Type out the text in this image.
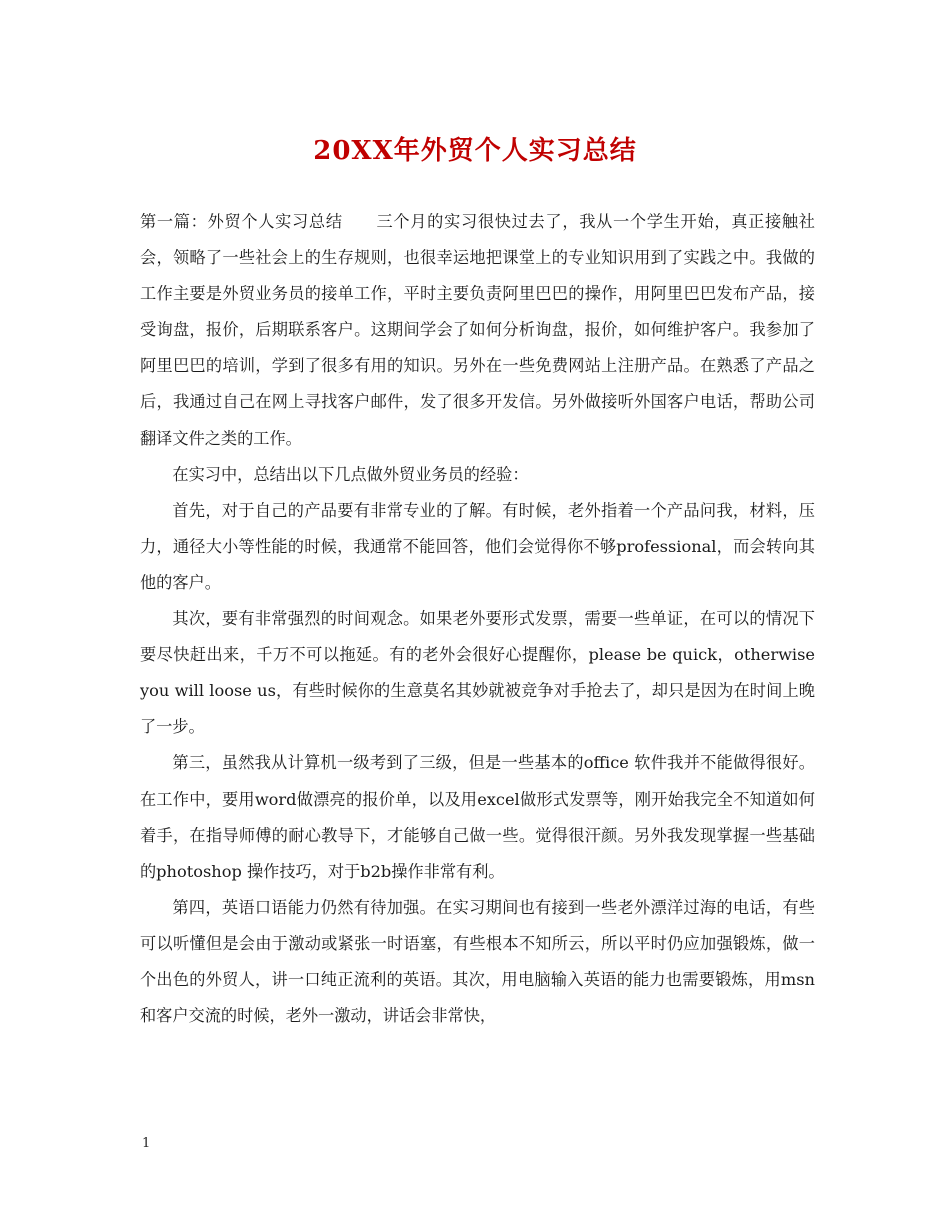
20XX年外贸个人实习总结

第一篇：外贸个人实习总结　　三个月的实习很快过去了，我从一个学生开始，真正接触社会，领略了一些社会上的生存规则，也很幸运地把课堂上的专业知识用到了实践之中。我做的工作主要是外贸业务员的接单工作，平时主要负责阿里巴巴的操作，用阿里巴巴发布产品，接受询盘，报价，后期联系客户。这期间学会了如何分析询盘，报价，如何维护客户。我参加了阿里巴巴的培训，学到了很多有用的知识。另外在一些免费网站上注册产品。在熟悉了产品之后，我通过自己在网上寻找客户邮件，发了很多开发信。另外做接听外国客户电话，帮助公司翻译文件之类的工作。

在实习中，总结出以下几点做外贸业务员的经验：

首先，对于自己的产品要有非常专业的了解。有时候，老外指着一个产品问我，材料，压力，通径大小等性能的时候，我通常不能回答，他们会觉得你不够professional，而会转向其他的客户。

其次，要有非常强烈的时间观念。如果老外要形式发票，需要一些单证，在可以的情况下要尽快赶出来，千万不可以拖延。有的老外会很好心提醒你，please be quick，otherwise you will loose us，有些时候你的生意莫名其妙就被竞争对手抢去了，却只是因为在时间上晚了一步。

第三，虽然我从计算机一级考到了三级，但是一些基本的office 软件我并不能做得很好。在工作中，要用word做漂亮的报价单，以及用excel做形式发票等，刚开始我完全不知道如何着手，在指导师傅的耐心教导下，才能够自己做一些。觉得很汗颜。另外我发现掌握一些基础的photoshop 操作技巧，对于b2b操作非常有利。

第四，英语口语能力仍然有待加强。在实习期间也有接到一些老外漂洋过海的电话，有些可以听懂但是会由于激动或紧张一时语塞，有些根本不知所云，所以平时仍应加强锻炼，做一个出色的外贸人，讲一口纯正流利的英语。其次，用电脑输入英语的能力也需要锻炼，用msn和客户交流的时候，老外一激动，讲话会非常快，

1
